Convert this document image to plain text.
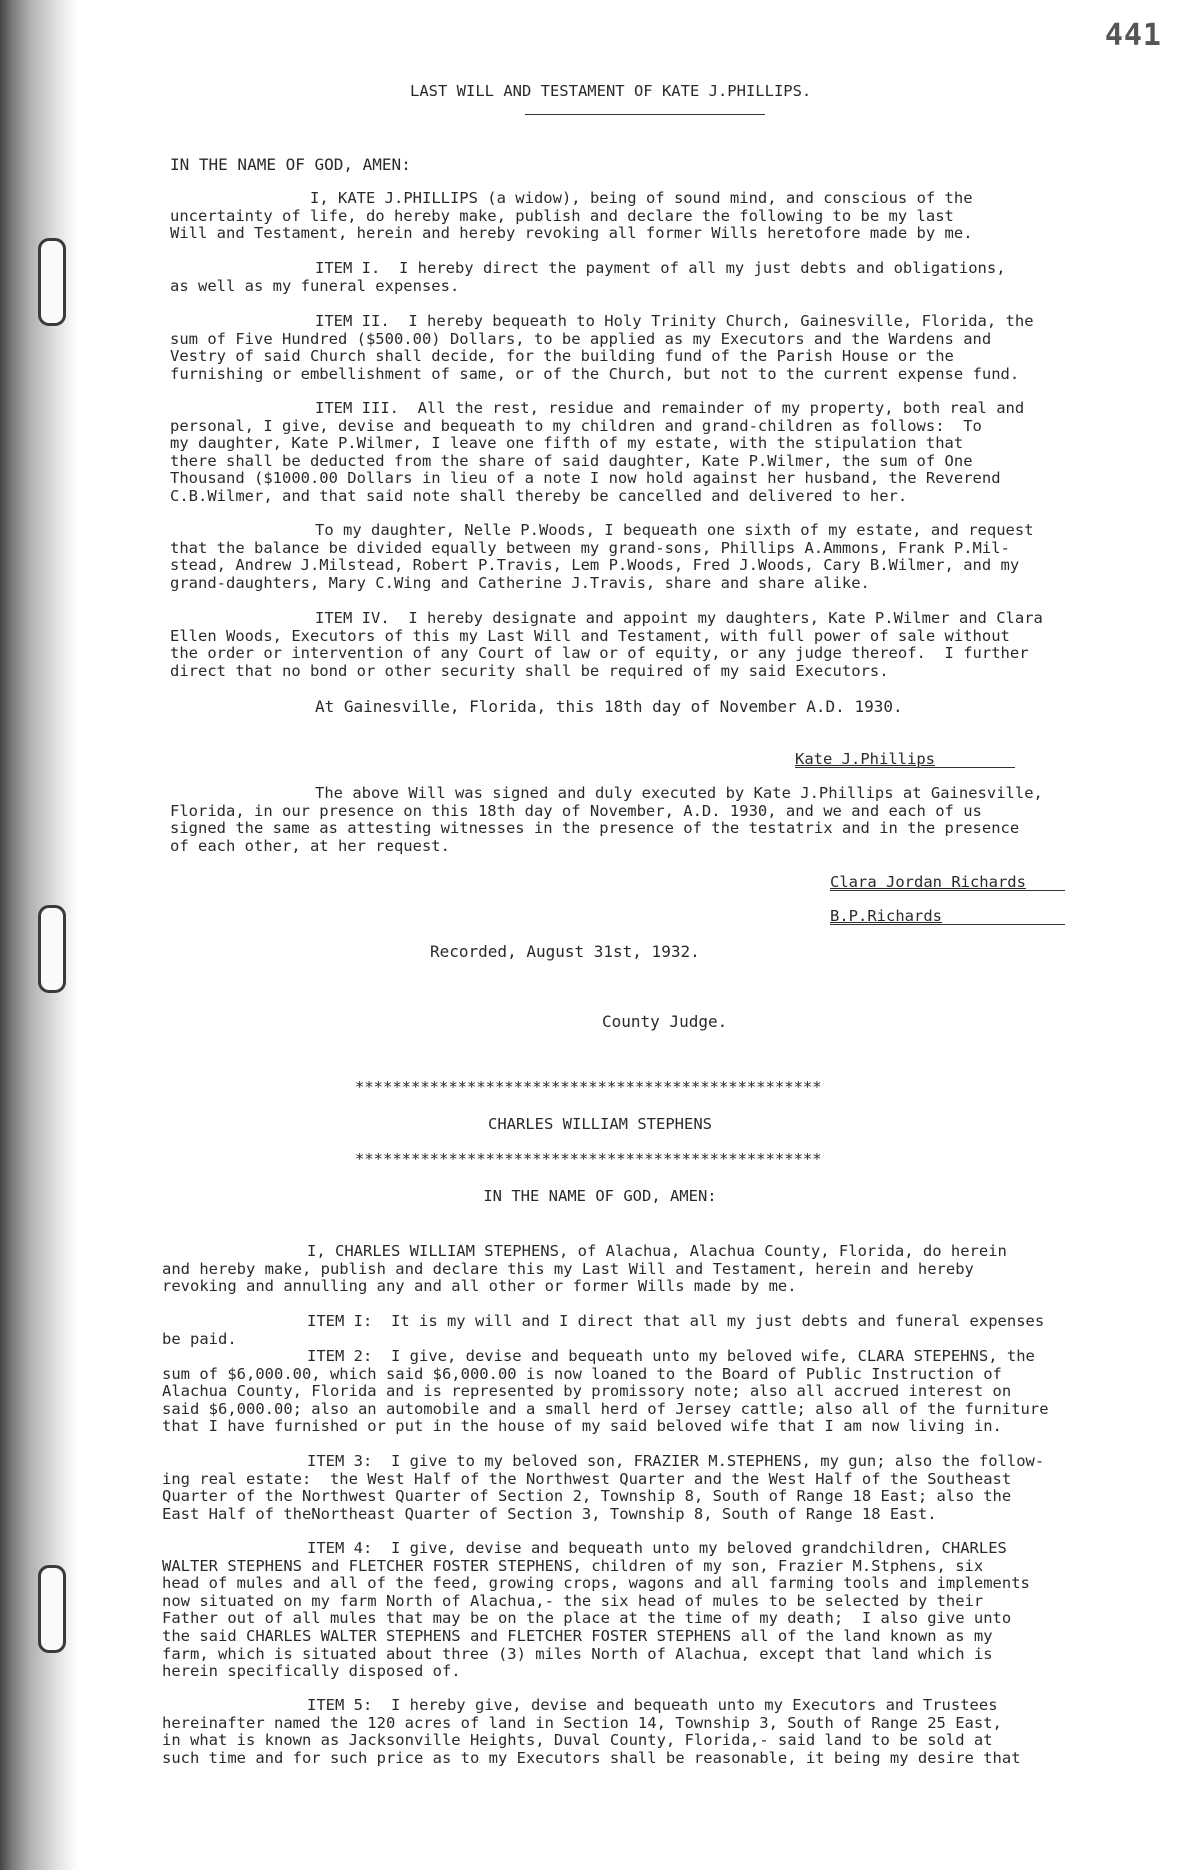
441
LAST WILL AND TESTAMENT OF KATE J.PHILLIPS.
IN THE NAME OF GOD, AMEN:

I, KATE J.PHILLIPS (a widow), being of sound mind, and conscious of the

uncertainty of life, do hereby make, publish and declare the following to be my last

Will and Testament, herein and hereby revoking all former Wills heretofore made by me.

ITEM I.  I hereby direct the payment of all my just debts and obligations,

as well as my funeral expenses.

ITEM II.  I hereby bequeath to Holy Trinity Church, Gainesville, Florida, the

sum of Five Hundred ($500.00) Dollars, to be applied as my Executors and the Wardens and

Vestry of said Church shall decide, for the building fund of the Parish House or the

furnishing or embellishment of same, or of the Church, but not to the current expense fund.

ITEM III.  All the rest, residue and remainder of my property, both real and

personal, I give, devise and bequeath to my children and grand-children as follows:  To

my daughter, Kate P.Wilmer, I leave one fifth of my estate, with the stipulation that

there shall be deducted from the share of said daughter, Kate P.Wilmer, the sum of One

Thousand ($1000.00 Dollars in lieu of a note I now hold against her husband, the Reverend

C.B.Wilmer, and that said note shall thereby be cancelled and delivered to her.

To my daughter, Nelle P.Woods, I bequeath one sixth of my estate, and request

that the balance be divided equally between my grand-sons, Phillips A.Ammons, Frank P.Mil-

stead, Andrew J.Milstead, Robert P.Travis, Lem P.Woods, Fred J.Woods, Cary B.Wilmer, and my

grand-daughters, Mary C.Wing and Catherine J.Travis, share and share alike.

ITEM IV.  I hereby designate and appoint my daughters, Kate P.Wilmer and Clara

Ellen Woods, Executors of this my Last Will and Testament, with full power of sale without

the order or intervention of any Court of law or of equity, or any judge thereof.  I further

direct that no bond or other security shall be required of my said Executors.

At Gainesville, Florida, this 18th day of November A.D. 1930.
Kate J.Phillips

The above Will was signed and duly executed by Kate J.Phillips at Gainesville,

Florida, in our presence on this 18th day of November, A.D. 1930, and we and each of us

signed the same as attesting witnesses in the presence of the testatrix and in the presence

of each other, at her request.

Clara Jordan Richards
B.P.Richards
Recorded, August 31st, 1932.
County Judge.
**************************************************
CHARLES WILLIAM STEPHENS
**************************************************
IN THE NAME OF GOD, AMEN:

I, CHARLES WILLIAM STEPHENS, of Alachua, Alachua County, Florida, do herein

and hereby make, publish and declare this my Last Will and Testament, herein and hereby

revoking and annulling any and all other or former Wills made by me.

ITEM I:  It is my will and I direct that all my just debts and funeral expenses

be paid.

ITEM 2:  I give, devise and bequeath unto my beloved wife, CLARA STEPEHNS, the

sum of $6,000.00, which said $6,000.00 is now loaned to the Board of Public Instruction of

Alachua County, Florida and is represented by promissory note; also all accrued interest on

said $6,000.00; also an automobile and a small herd of Jersey cattle; also all of the furniture

that I have furnished or put in the house of my said beloved wife that I am now living in.

ITEM 3:  I give to my beloved son, FRAZIER M.STEPHENS, my gun; also the follow-

ing real estate:  the West Half of the Northwest Quarter and the West Half of the Southeast

Quarter of the Northwest Quarter of Section 2, Township 8, South of Range 18 East; also the

East Half of theNortheast Quarter of Section 3, Township 8, South of Range 18 East.

ITEM 4:  I give, devise and bequeath unto my beloved grandchildren, CHARLES

WALTER STEPHENS and FLETCHER FOSTER STEPHENS, children of my son, Frazier M.Stphens, six

head of mules and all of the feed, growing crops, wagons and all farming tools and implements

now situated on my farm North of Alachua,- the six head of mules to be selected by their

Father out of all mules that may be on the place at the time of my death;  I also give unto

the said CHARLES WALTER STEPHENS and FLETCHER FOSTER STEPHENS all of the land known as my

farm, which is situated about three (3) miles North of Alachua, except that land which is

herein specifically disposed of.

ITEM 5:  I hereby give, devise and bequeath unto my Executors and Trustees

hereinafter named the 120 acres of land in Section 14, Township 3, South of Range 25 East,

in what is known as Jacksonville Heights, Duval County, Florida,- said land to be sold at

such time and for such price as to my Executors shall be reasonable, it being my desire that
